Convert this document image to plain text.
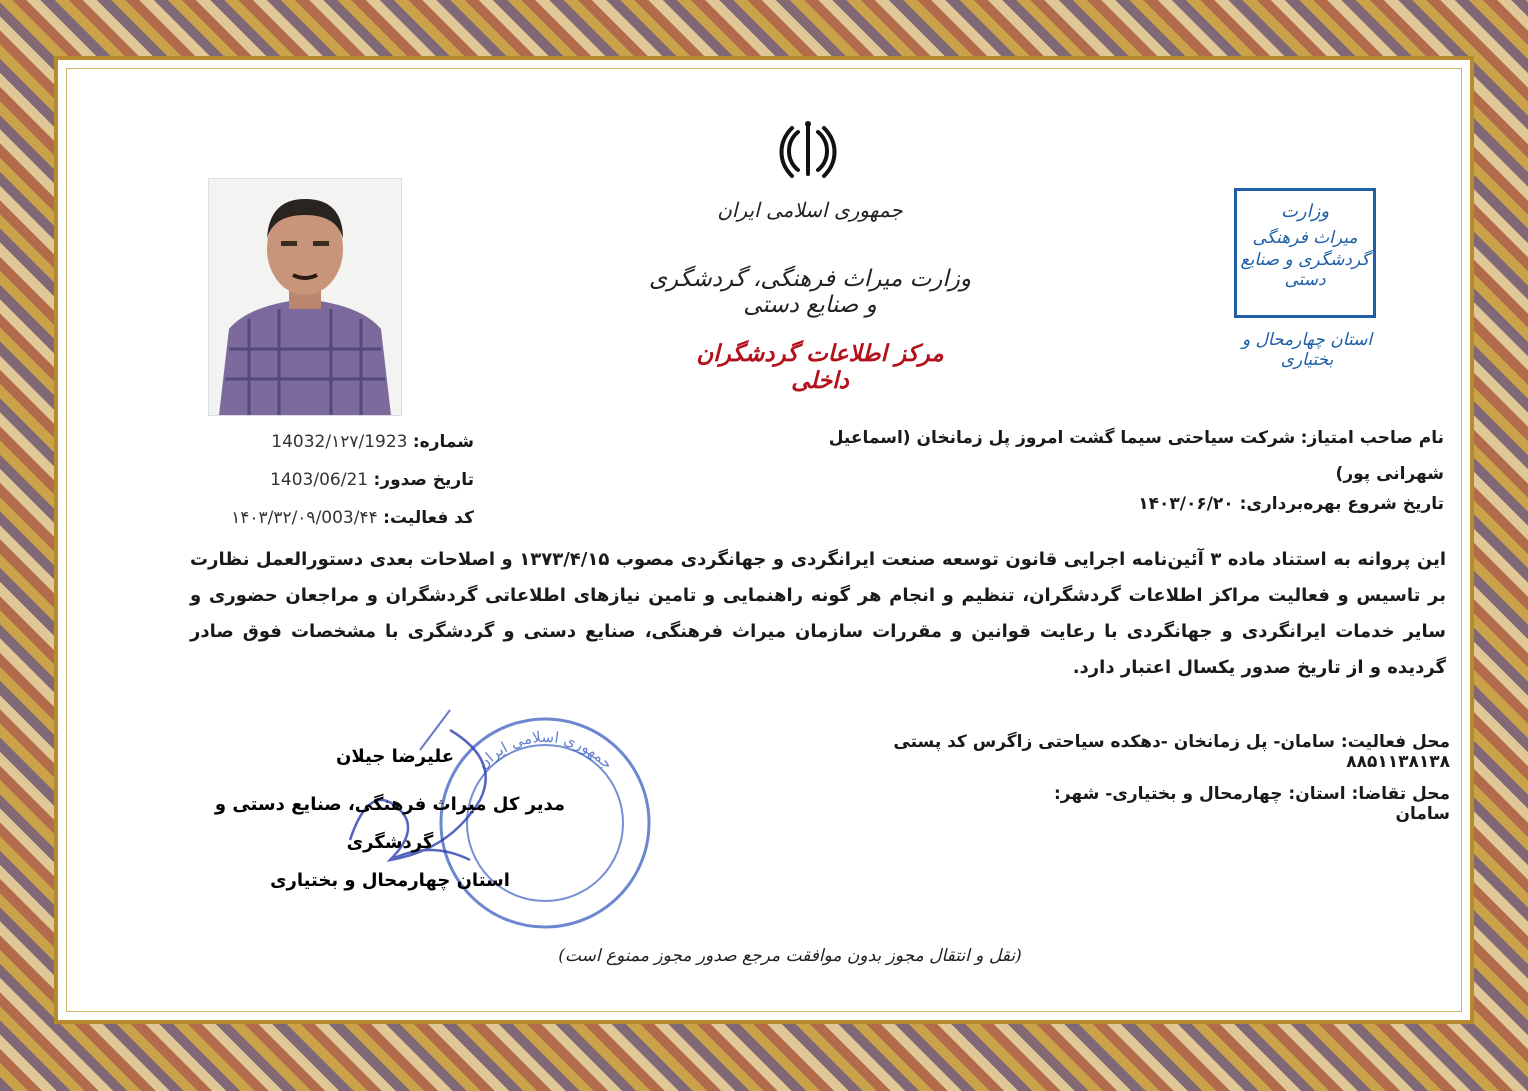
جمهوری اسلامی ایران
وزارت میراث فرهنگی، گردشگری و صنایع دستی
مرکز اطلاعات گردشگران داخلی
وزارت
میراث فرهنگی
گردشگری و صنایع دستی
استان چهارمحال و بختیاری
شماره: 14032/۱۲۷/1923
تاریخ صدور: 1403/06/21
کد فعالیت: ۱۴۰۳/۳۲/۰۹/003/۴۴
نام صاحب امتیاز: شرکت سیاحتی سیما گشت امروز پل زمانخان (اسماعیل شهرانی پور)
تاریخ شروع بهره‌برداری: ۱۴۰۳/۰۶/۲۰
این پروانه به استناد ماده ۳ آئین‌نامه اجرایی قانون توسعه صنعت ایرانگردی و جهانگردی مصوب ۱۳۷۳/۴/۱۵ و اصلاحات بعدی دستورالعمل نظارت بر تاسیس و فعالیت مراکز اطلاعات گردشگران، تنظیم و انجام هر گونه راهنمایی و تامین نیازهای اطلاعاتی گردشگران و مراجعان حضوری و سایر خدمات ایرانگردی و جهانگردی با رعایت قوانین و مقررات سازمان میراث فرهنگی، صنایع دستی و گردشگری با مشخصات فوق صادر گردیده و از تاریخ صدور یکسال اعتبار دارد.
محل فعالیت: سامان- پل زمانخان -دهکده سیاحتی زاگرس کد پستی ۸۸۵۱۱۳۸۱۳۸
محل تقاضا: استان: چهارمحال و بختیاری- شهر: سامان
جمهوری اسلامی ایران
علیرضا جیلان
مدیر کل میراث فرهنگی، صنایع دستی و گردشگری
استان چهارمحال و بختیاری
(نقل و انتقال مجوز بدون موافقت مرجع صدور مجوز ممنوع است)
